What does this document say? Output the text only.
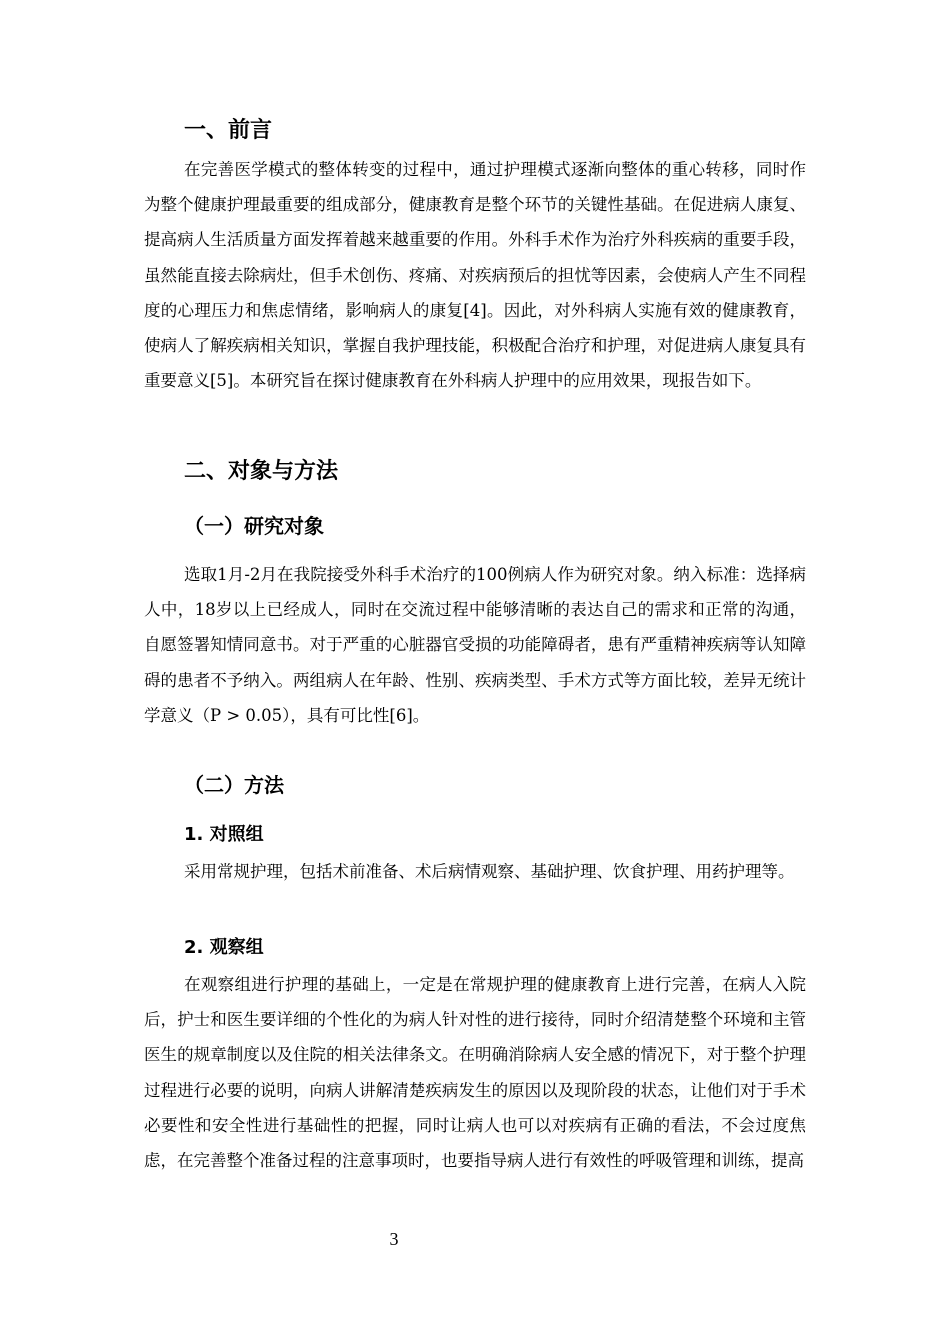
一、前言

在完善医学模式的整体转变的过程中，通过护理模式逐渐向整体的重心转移，同时作为整个健康护理最重要的组成部分，健康教育是整个环节的关键性基础。在促进病人康复、提高病人生活质量方面发挥着越来越重要的作用。外科手术作为治疗外科疾病的重要手段，虽然能直接去除病灶，但手术创伤、疼痛、对疾病预后的担忧等因素，会使病人产生不同程度的心理压力和焦虑情绪，影响病人的康复[4]。因此，对外科病人实施有效的健康教育，使病人了解疾病相关知识，掌握自我护理技能，积极配合治疗和护理，对促进病人康复具有重要意义[5]。本研究旨在探讨健康教育在外科病人护理中的应用效果，现报告如下。

二、对象与方法
（一）研究对象

选取1月-2月在我院接受外科手术治疗的100例病人作为研究对象。纳入标准：选择病人中，18岁以上已经成人，同时在交流过程中能够清晰的表达自己的需求和正常的沟通，自愿签署知情同意书。对于严重的心脏器官受损的功能障碍者，患有严重精神疾病等认知障碍的患者不予纳入。两组病人在年龄、性别、疾病类型、手术方式等方面比较，差异无统计学意义（P > 0.05），具有可比性[6]。

（二）方法
1. 对照组

采用常规护理，包括术前准备、术后病情观察、基础护理、饮食护理、用药护理等。

2. 观察组

在观察组进行护理的基础上，一定是在常规护理的健康教育上进行完善，在病人入院后，护士和医生要详细的个性化的为病人针对性的进行接待，同时介绍清楚整个环境和主管医生的规章制度以及住院的相关法律条文。在明确消除病人安全感的情况下，对于整个护理过程进行必要的说明，向病人讲解清楚疾病发生的原因以及现阶段的状态，让他们对于手术必要性和安全性进行基础性的把握，同时让病人也可以对疾病有正确的看法，不会过度焦虑，在完善整个准备过程的注意事项时，也要指导病人进行有效性的呼吸管理和训练，提高

3
